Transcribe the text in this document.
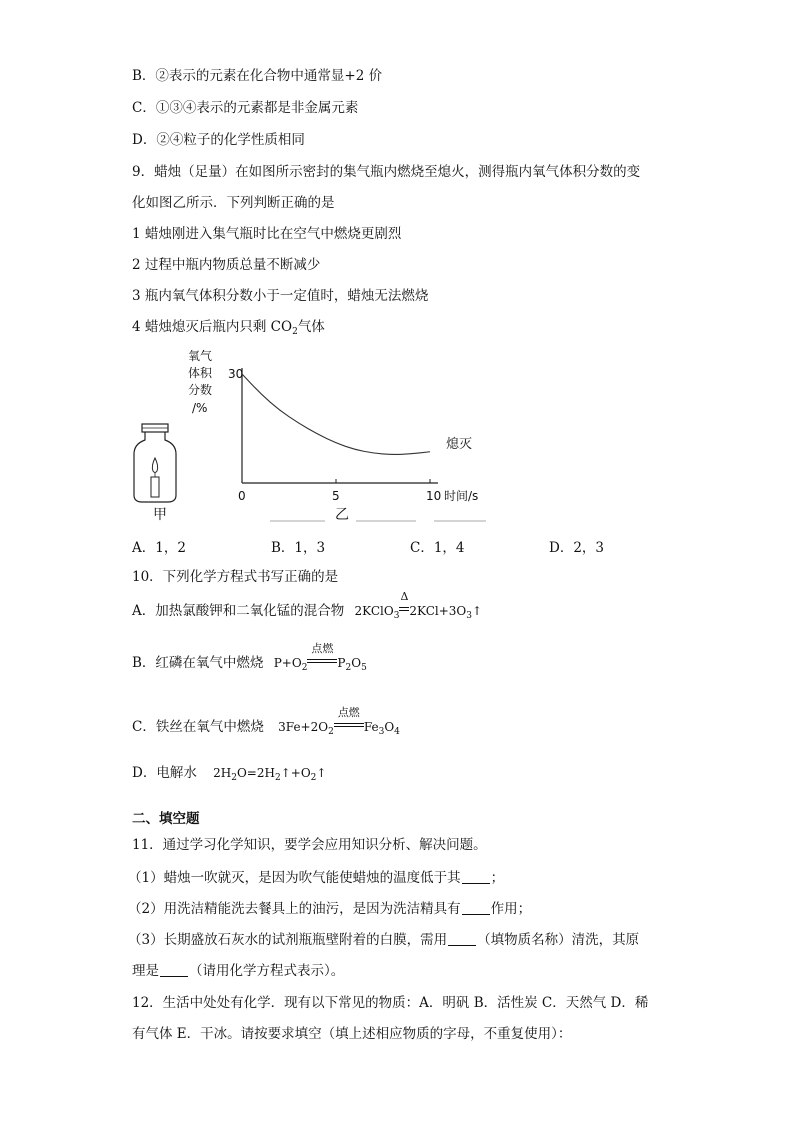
B．②表示的元素在化合物中通常显+2 价
C．①③④表示的元素都是非金属元素
D．②④粒子的化学性质相同
9．蜡烛（足量）在如图所示密封的集气瓶内燃烧至熄火，测得瓶内氧气体积分数的变
化如图乙所示．下列判断正确的是
1 蜡烛刚进入集气瓶时比在空气中燃烧更剧烈
2 过程中瓶内物质总量不断减少
3 瓶内氧气体积分数小于一定值时，蜡烛无法燃烧
4 蜡烛熄灭后瓶内只剩 $CO_2$气体
甲
氧气
体积
分数
/%
30
0	5	10
熄灭
时间/s
乙
A．1，2	B．1，3	C．1，4	D．2，3
10．下列化学方程式书写正确的是
A．加热氯酸钾和二氧化锰的混合物 2KClO$_3$
Δ
$2KCl+3O_3↑$
B．红磷在氧气中燃烧 $P+O_2$
点燃
$P_2O_5$
C．铁丝在氧气中燃烧 $3Fe+2O_2$
点燃
$Fe_3O_4$
D．电解水 $2H_2O=2H_2↑+O_2↑$
二、填空题
11．通过学习化学知识，要学会应用知识分析、解决问题。
（1）蜡烛一吹就灭，是因为吹气能使蜡烛的温度低于其 ；
（2）用洗洁精能洗去餐具上的油污，是因为洗洁精具有 作用；
（3）长期盛放石灰水的试剂瓶瓶壁附着的白膜，需用 （填物质名称）清洗，其原
理是 （请用化学方程式表示）。
12．生活中处处有化学．现有以下常见的物质：A．明矾 B．活性炭 C．天然气 D．稀
有气体 E．干冰。请按要求填空（填上述相应物质的字母，不重复使用）：
